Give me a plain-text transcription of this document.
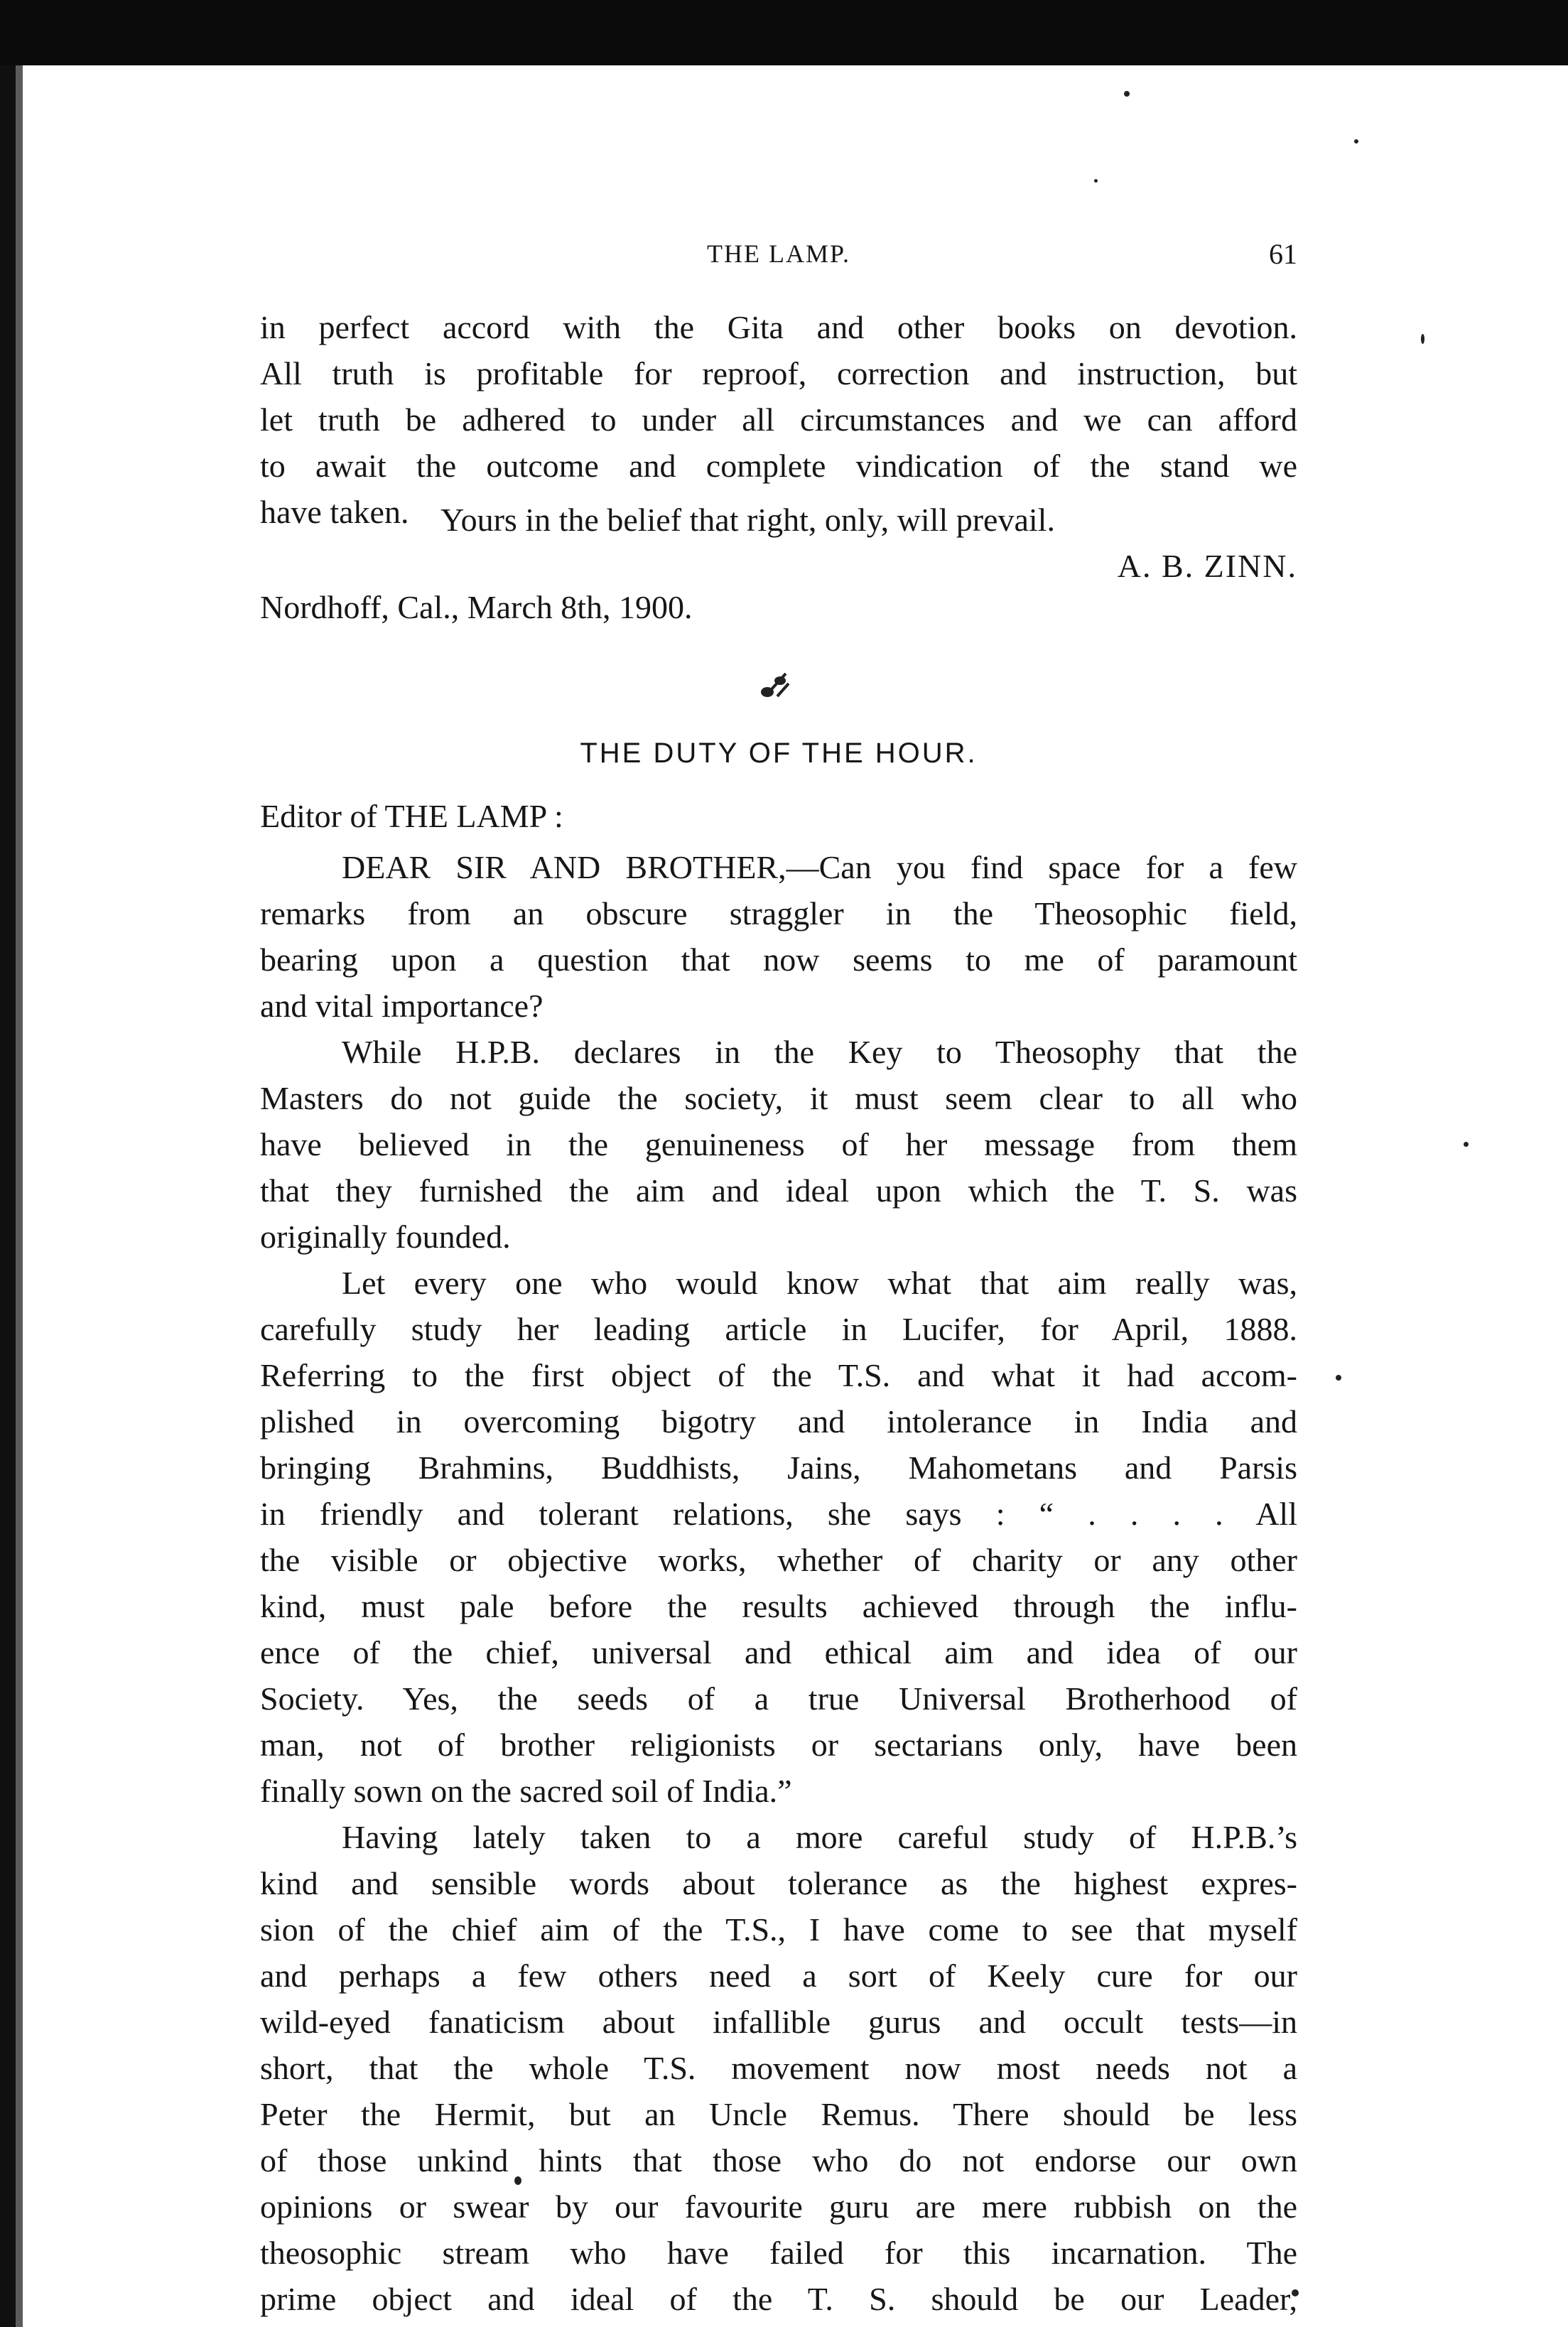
THE LAMP.	61
in perfect accord with the Gita and other books on devotion.
All truth is profitable for reproof, correction and instruction, but
let truth be adhered to under all circumstances and we can afford
to await the outcome and complete vindication of the stand we
have taken. Yours in the belief that right, only, will prevail.
A. B. ZINN.
Nordhoff, Cal., March 8th, 1900.
THE DUTY OF THE HOUR.
Editor of THE LAMP :
DEAR SIR AND BROTHER,—Can you find space for a few
remarks from an obscure straggler in the Theosophic field,
bearing upon a question that now seems to me of paramount
and vital importance?
While H.P.B. declares in the Key to Theosophy that the
Masters do not guide the society, it must seem clear to all who
have believed in the genuineness of her message from them
that they furnished the aim and ideal upon which the T. S. was
originally founded.
Let every one who would know what that aim really was,
carefully study her leading article in Lucifer, for April, 1888.
Referring to the first object of the T.S. and what it had accom-
plished in overcoming bigotry and intolerance in India and
bringing Brahmins, Buddhists, Jains, Mahometans and Parsis
in friendly and tolerant relations, she says : “ . . . . All
the visible or objective works, whether of charity or any other
kind, must pale before the results achieved through the influ-
ence of the chief, universal and ethical aim and idea of our
Society. Yes, the seeds of a true Universal Brotherhood of
man, not of brother religionists or sectarians only, have been
finally sown on the sacred soil of India.”
Having lately taken to a more careful study of H.P.B.’s
kind and sensible words about tolerance as the highest expres-
sion of the chief aim of the T.S., I have come to see that myself
and perhaps a few others need a sort of Keely cure for our
wild-eyed fanaticism about infallible gurus and occult tests—in
short, that the whole T.S. movement now most needs not a
Peter the Hermit, but an Uncle Remus. There should be less
of those unkind hints that those who do not endorse our own
opinions or swear by our favourite guru are mere rubbish on the
theosophic stream who have failed for this incarnation. The
prime object and ideal of the T. S. should be our Leader,
